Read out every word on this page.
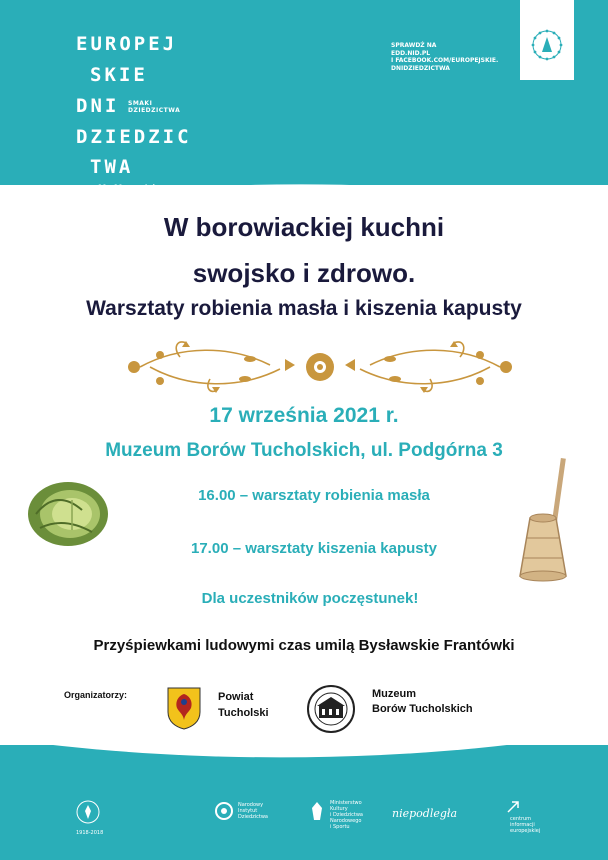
EUROPEJ
SKIE
DNI SMAKI
DZIEDZICTWA
DZIEDZIC
TWA
11—19 września
SPRAWDŹ NA
EDD.NID.PL
I FACEBOOK.COM/EUROPEJSKIE.
DNIDZIEDZICTWA
W borowiackiej kuchni
swojsko i zdrowo.
Warsztaty robienia masła i kiszenia kapusty
17 września 2021 r.
Muzeum Borów Tucholskich, ul. Podgórna 3
16.00 – warsztaty robienia masła
17.00 – warsztaty kiszenia kapusty
Dla uczestników poczęstunek!
Przyśpiewkami ludowymi czas umilą Bysławskie Frantówki
Organizatorzy:	Powiat
Tucholski
Muzeum
Borów Tucholskich
1918-2018
Narodowy
Instytut
Dziedzictwa
Ministerstwo
Kultury
i Dziedzictwa
Narodowego
i Sportu
niepodległa	centrum
informacji
europejskiej
